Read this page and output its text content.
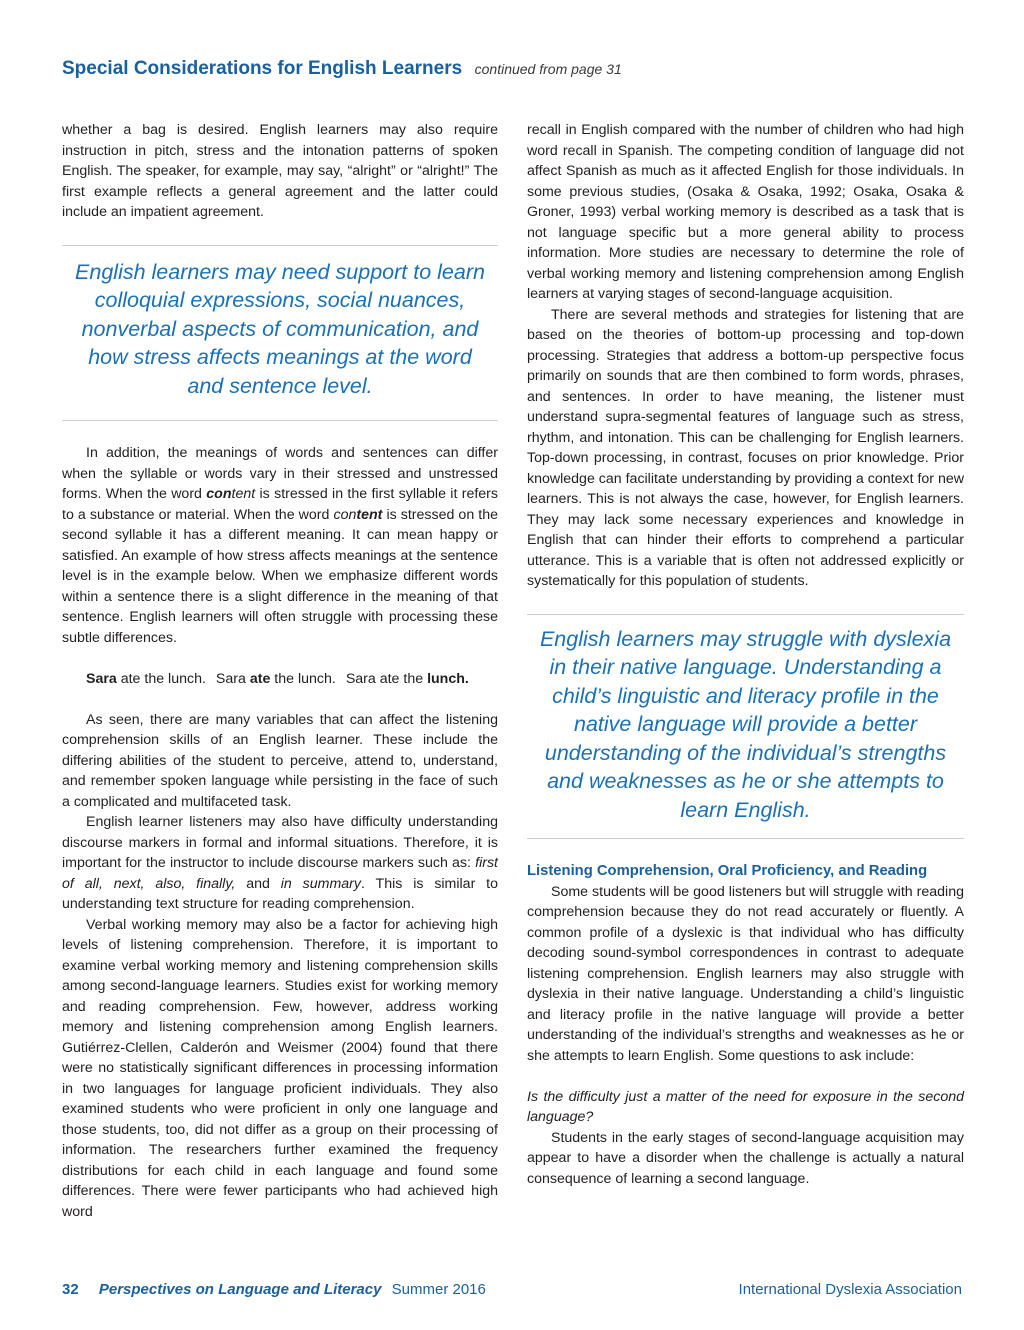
Special Considerations for English Learners continued from page 31

whether a bag is desired. English learners may also require instruction in pitch, stress and the intonation patterns of spoken English. The speaker, for example, may say, “alright” or “alright!” The first example reflects a general agreement and the latter could include an impatient agreement.

English learners may need support to learn colloquial expressions, social nuances, nonverbal aspects of communication, and how stress affects meanings at the word and sentence level.

In addition, the meanings of words and sentences can differ when the syllable or words vary in their stressed and unstressed forms. When the word content is stressed in the first syllable it refers to a substance or material. When the word content is stressed on the second syllable it has a different meaning. It can mean happy or satisfied. An example of how stress affects meanings at the sentence level is in the example below. When we emphasize different words within a sentence there is a slight difference in the meaning of that sentence. English learners will often struggle with processing these subtle differences.

Sara ate the lunch. Sara ate the lunch. Sara ate the lunch.

As seen, there are many variables that can affect the listening comprehension skills of an English learner. These include the differing abilities of the student to perceive, attend to, understand, and remember spoken language while persisting in the face of such a complicated and multifaceted task.

English learner listeners may also have difficulty understanding discourse markers in formal and informal situations. Therefore, it is important for the instructor to include discourse markers such as: first of all, next, also, finally, and in summary. This is similar to understanding text structure for reading comprehension.

Verbal working memory may also be a factor for achieving high levels of listening comprehension. Therefore, it is important to examine verbal working memory and listening comprehension skills among second-language learners. Studies exist for working memory and reading comprehension. Few, however, address working memory and listening comprehension among English learners. Gutiérrez-Clellen, Calderón and Weismer (2004) found that there were no statistically significant differences in processing information in two languages for language proficient individuals. They also examined students who were proficient in only one language and those students, too, did not differ as a group on their processing of information. The researchers further examined the frequency distributions for each child in each language and found some differences. There were fewer participants who had achieved high word

recall in English compared with the number of children who had high word recall in Spanish. The competing condition of language did not affect Spanish as much as it affected English for those individuals. In some previous studies, (Osaka & Osaka, 1992; Osaka, Osaka & Groner, 1993) verbal working memory is described as a task that is not language specific but a more general ability to process information. More studies are necessary to determine the role of verbal working memory and listening comprehension among English learners at varying stages of second-language acquisition.

There are several methods and strategies for listening that are based on the theories of bottom-up processing and top-down processing. Strategies that address a bottom-up perspective focus primarily on sounds that are then combined to form words, phrases, and sentences. In order to have meaning, the listener must understand supra-segmental features of language such as stress, rhythm, and intonation. This can be challenging for English learners. Top-down processing, in contrast, focuses on prior knowledge. Prior knowledge can facilitate understanding by providing a context for new learners. This is not always the case, however, for English learners. They may lack some necessary experiences and knowledge in English that can hinder their efforts to comprehend a particular utterance. This is a variable that is often not addressed explicitly or systematically for this population of students.

English learners may struggle with dyslexia in their native language. Understanding a child’s linguistic and literacy profile in the native language will provide a better understanding of the individual’s strengths and weaknesses as he or she attempts to learn English.
Listening Comprehension, Oral Proficiency, and Reading

Some students will be good listeners but will struggle with reading comprehension because they do not read accurately or fluently. A common profile of a dyslexic is that individual who has difficulty decoding sound-symbol correspondences in contrast to adequate listening comprehension. English learners may also struggle with dyslexia in their native language. Understanding a child’s linguistic and literacy profile in the native language will provide a better understanding of the individual’s strengths and weaknesses as he or she attempts to learn English. Some questions to ask include:

Is the difficulty just a matter of the need for exposure in the second language?

Students in the early stages of second-language acquisition may appear to have a disorder when the challenge is actually a natural consequence of learning a second language.

32 Perspectives on Language and Literacy Summer 2016	International Dyslexia Association
